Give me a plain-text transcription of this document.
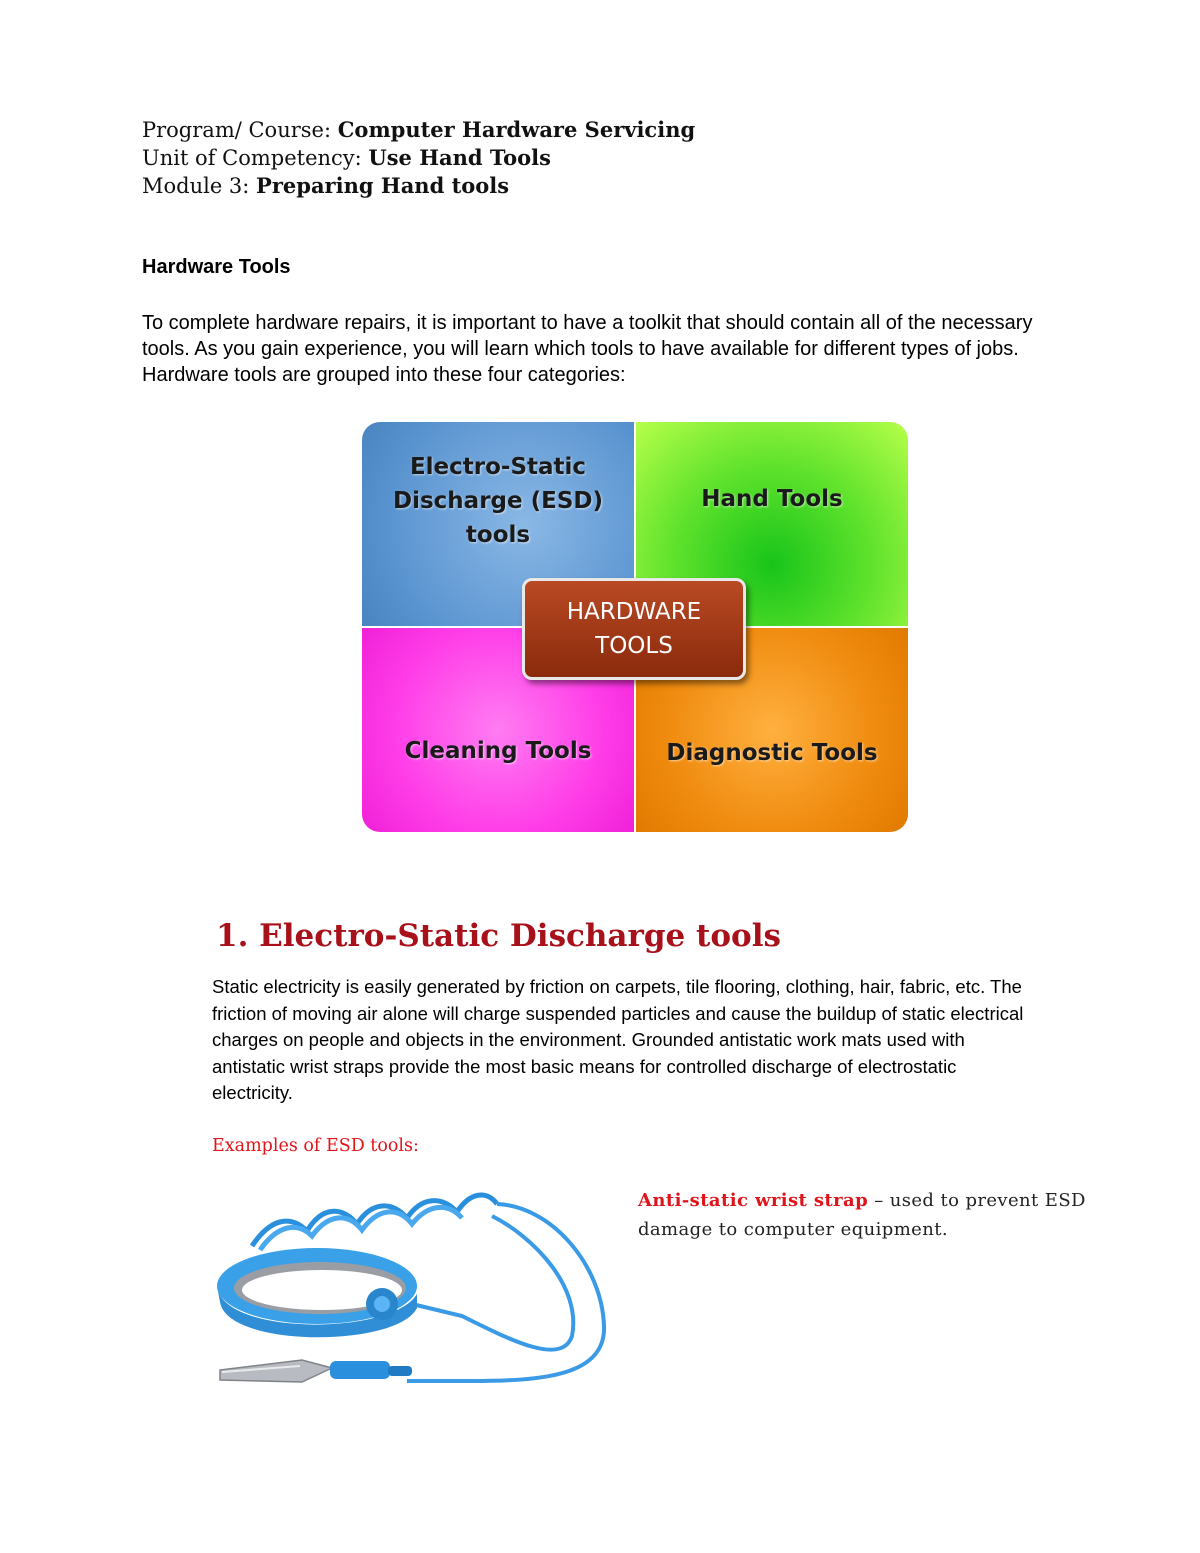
Program/ Course: Computer Hardware Servicing
Unit of Competency: Use Hand Tools
Module 3: Preparing Hand tools
Hardware Tools
To complete hardware repairs, it is important to have a toolkit that should contain all of the necessary tools. As you gain experience, you will learn which tools to have available for different types of jobs. Hardware tools are grouped into these four categories:
Electro-Static
Discharge (ESD)
tools
Hand Tools
Cleaning Tools	Diagnostic Tools
HARDWARE
TOOLS
1. Electro-Static Discharge tools
Static electricity is easily generated by friction on carpets, tile flooring, clothing, hair, fabric, etc. The friction of moving air alone will charge suspended particles and cause the buildup of static electrical charges on people and objects in the environment. Grounded antistatic work mats used with antistatic wrist straps provide the most basic means for controlled discharge of electrostatic electricity.
Examples of ESD tools:
Anti-static wrist strap – used to prevent ESD damage to computer equipment.
